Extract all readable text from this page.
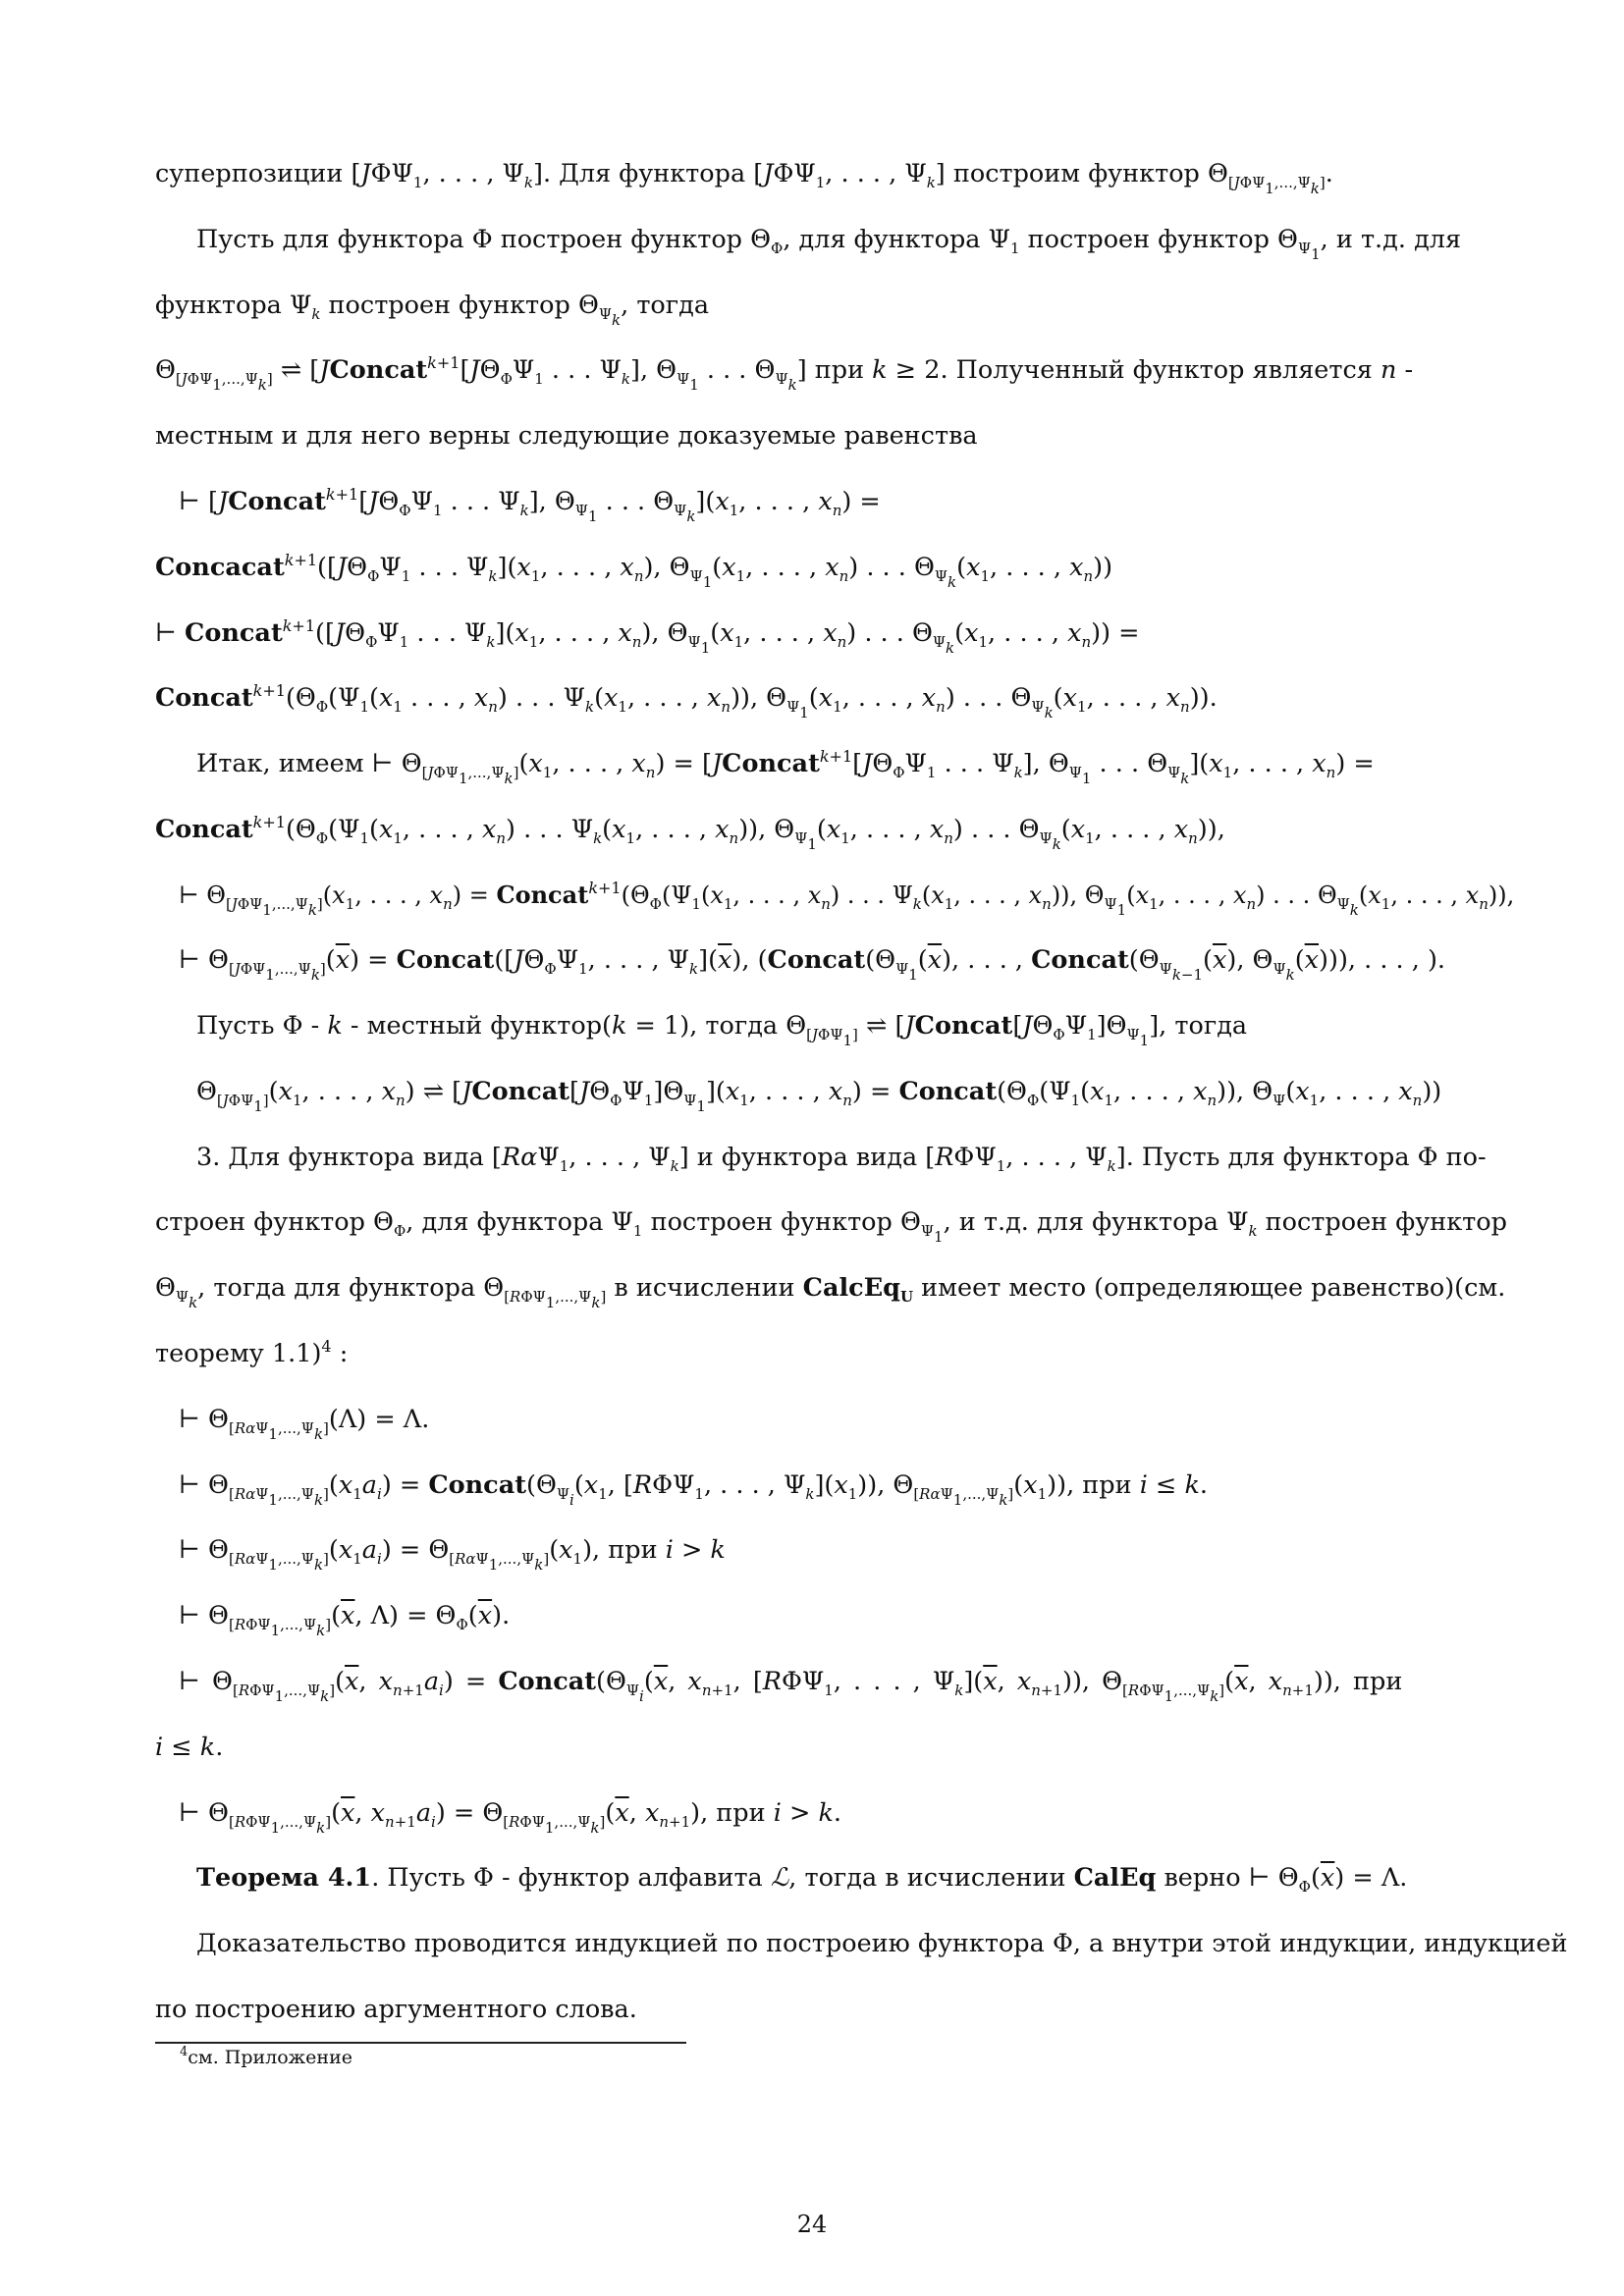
суперпозиции [$J\Phi\Psi_1$, . . . , $\Psi_k$]. Для функтора [$J\Phi\Psi_1$, . . . , $\Psi_k$] построим функтор $\Theta_{[J\Phi\Psi_1,...,\Psi_k]}$.
Пусть для функтора Φ построен функтор $\Theta_\Phi$, для функтора $\Psi_1$ построен функтор $\Theta_{\Psi_1}$, и т.д. для
функтора $\Psi_k$ построен функтор $\Theta_{\Psi_k}$, тогда
$\Theta_{[J\Phi\Psi_1,...,\Psi_k]}$ ⇌ [$JConcat^{k+1}[J\Theta_\Phi\Psi_1$ . . . $\Psi_k$], $\Theta_{\Psi_1}$ . . . $\Theta_{\Psi_k}$] при k ≥ 2. Полученный функтор является n -
местным и для него верны следующие доказуемые равенства
⊢ [$JConcat^{k+1}[J\Theta_\Phi\Psi_1$ . . . $\Psi_k$], $\Theta_{\Psi_1}$ . . . $\Theta_{\Psi_k}](x_1$, . . . , $x_n$) =
$Concacat^{k+1}([J\Theta_\Phi\Psi_1$ . . . $\Psi_k](x_1$, . . . , $x_n$), $\Theta_{\Psi_1}(x_1$, . . . , $x_n$) . . . $\Theta_{\Psi_k}(x_1$, . . . , $x_n$))
⊢ $Concat^{k+1}([J\Theta_\Phi\Psi_1$ . . . $\Psi_k](x_1$, . . . , $x_n$), $\Theta_{\Psi_1}(x_1$, . . . , $x_n$) . . . $\Theta_{\Psi_k}(x_1$, . . . , $x_n$)) =
$Concat^{k+1}(\Theta_\Phi(\Psi_1(x_1$ . . . , $x_n$) . . . $\Psi_k(x_1$, . . . , $x_n$)), $\Theta_{\Psi_1}(x_1$, . . . , $x_n$) . . . $\Theta_{\Psi_k}(x_1$, . . . , $x_n$)).
Итак, имеем ⊢ $\Theta_{[J\Phi\Psi_1,...,\Psi_k]}(x_1$, . . . , $x_n$) = [$JConcat^{k+1}[J\Theta_\Phi\Psi_1$ . . . $\Psi_k$], $\Theta_{\Psi_1}$ . . . $\Theta_{\Psi_k}](x_1$, . . . , $x_n$) =
$Concat^{k+1}(\Theta_\Phi(\Psi_1(x_1$, . . . , $x_n$) . . . $\Psi_k(x_1$, . . . , $x_n$)), $\Theta_{\Psi_1}(x_1$, . . . , $x_n$) . . . $\Theta_{\Psi_k}(x_1$, . . . , $x_n$)),
⊢ $\Theta_{[J\Phi\Psi_1,...,\Psi_k]}(x_1$, . . . , $x_n$) = $Concat^{k+1}(\Theta_\Phi(\Psi_1(x_1$, . . . , $x_n$) . . . $\Psi_k(x_1$, . . . , $x_n$)), $\Theta_{\Psi_1}(x_1$, . . . , $x_n$) . . . $\Theta_{\Psi_k}(x_1$, . . . , $x_n$)),
⊢ $\Theta_{[J\Phi\Psi_1,...,\Psi_k]}(\overline{x})$ = $Concat([J\Theta_\Phi\Psi_1$, . . . , $\Psi_k](\overline{x})$, ($Concat(\Theta_{\Psi_1}(\overline{x})$, . . . , $Concat(\Theta_{\Psi_{k-1}}(\overline{x})$, $\Theta_{\Psi_k}(\overline{x})$)), . . . , ).
Пусть Φ - k - местный функтор(k = 1), тогда $\Theta_{[J\Phi\Psi_1]}$ ⇌ $[JConcat[J\Theta_\Phi\Psi_1]\Theta_{\Psi_1}]$, тогда
$\Theta_{[J\Phi\Psi_1]}(x_1$, . . . , $x_n$) ⇌ $[JConcat[J\Theta_\Phi\Psi_1]\Theta_{\Psi_1}](x_1$, . . . , $x_n$) = $Concat(\Theta_\Phi(\Psi_1(x_1$, . . . , $x_n$)), $\Theta_\Psi(x_1$, . . . , $x_n$))
3. Для функтора вида [RαΨ$_1$, . . . , $\Psi_k$] и функтора вида [$R\Phi\Psi_1$, . . . , $\Psi_k$]. Пусть для функтора Φ по-
строен функтор $\Theta_\Phi$, для функтора $\Psi_1$ построен функтор $\Theta_{\Psi_1}$, и т.д. для функтора $\Psi_k$ построен функтор
$\Theta_{\Psi_k}$, тогда для функтора $\Theta_{[R\Phi\Psi_1,...,\Psi_k]}$ в исчислении CalcEq$_U$ имеет место (определяющее равенство)(см.
теорему 1.1)$^4$ :
⊢ $\Theta_{[R\alpha\Psi_1,...,\Psi_k]}(\Lambda) = \Lambda$.
⊢ $\Theta_{[R\alpha\Psi_1,...,\Psi_k]}(x_1a_i)$ = $Concat(\Theta_{\Psi_i}(x_1$, [$R\Phi\Psi_1$, . . . , $\Psi_k](x_1)$), $\Theta_{[R\alpha\Psi_1,...,\Psi_k]}(x_1)$), при i ≤ k.
⊢ $\Theta_{[R\alpha\Psi_1,...,\Psi_k]}(x_1a_i) = \Theta_{[R\alpha\Psi_1,...,\Psi_k]}(x_1)$, при i > k
⊢ $\Theta_{[R\Phi\Psi_1,...,\Psi_k]}(\overline{x}$, $\Lambda) = \Theta_\Phi(\overline{x})$.
⊢ $\Theta_{[R\Phi\Psi_1,...,\Psi_k]}(\overline{x}$, $x_{n+1}a_i$) = $Concat(\Theta_{\Psi_i}(\overline{x}$, $x_{n+1}$, [$R\Phi\Psi_1$, . . . , $\Psi_k](\overline{x}$, $x_{n+1}$)), $\Theta_{[R\Phi\Psi_1,...,\Psi_k]}(\overline{x}$, $x_{n+1}$)), при
i ≤ k.
⊢ $\Theta_{[R\Phi\Psi_1,...,\Psi_k]}(\overline{x}$, $x_{n+1}a_i) = \Theta_{[R\Phi\Psi_1,...,\Psi_k]}(\overline{x}$, $x_{n+1}$), при i > k.
Теорема 4.1. Пусть Φ - функтор алфавита ℒ, тогда в исчислении CalEq верно ⊢ $\Theta_\Phi(\overline{x}) = \Lambda$.
Доказательство проводится индукцией по построеию функтора Φ, а внутри этой индукции, индукцией
по построению аргументного слова.
$^4$см. Приложение
24
